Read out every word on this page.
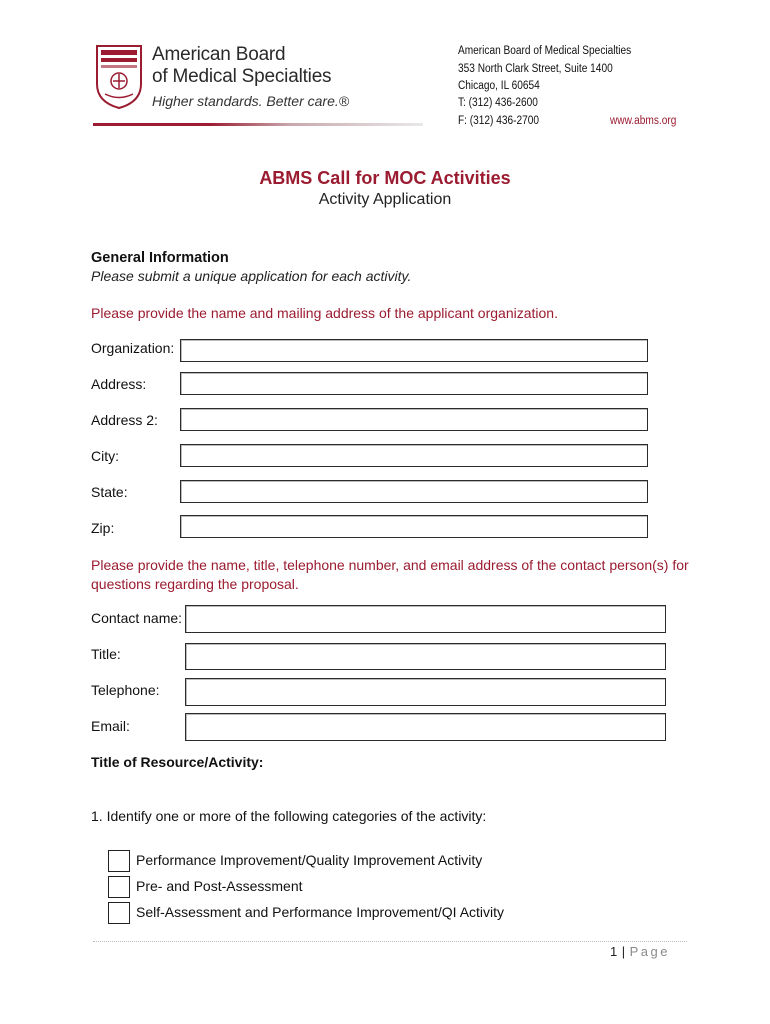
American Board
of Medical Specialties
Higher standards. Better care.®
American Board of Medical Specialties
353 North Clark Street, Suite 1400
Chicago, IL 60654
T: (312) 436-2600
F: (312) 436-2700	www.abms.org
ABMS Call for MOC Activities
Activity Application
General Information
Please submit a unique application for each activity.
Please provide the name and mailing address of the applicant organization.
Organization:
Address:
Address 2:
City:
State:
Zip:
Please provide the name, title, telephone number, and email address of the contact person(s) for questions regarding the proposal.
Contact name:
Title:
Telephone:
Email:
Title of Resource/Activity:
1. Identify one or more of the following categories of the activity:
Performance Improvement/Quality Improvement Activity
Pre- and Post-Assessment
Self-Assessment and Performance Improvement/QI Activity
1 | Page
